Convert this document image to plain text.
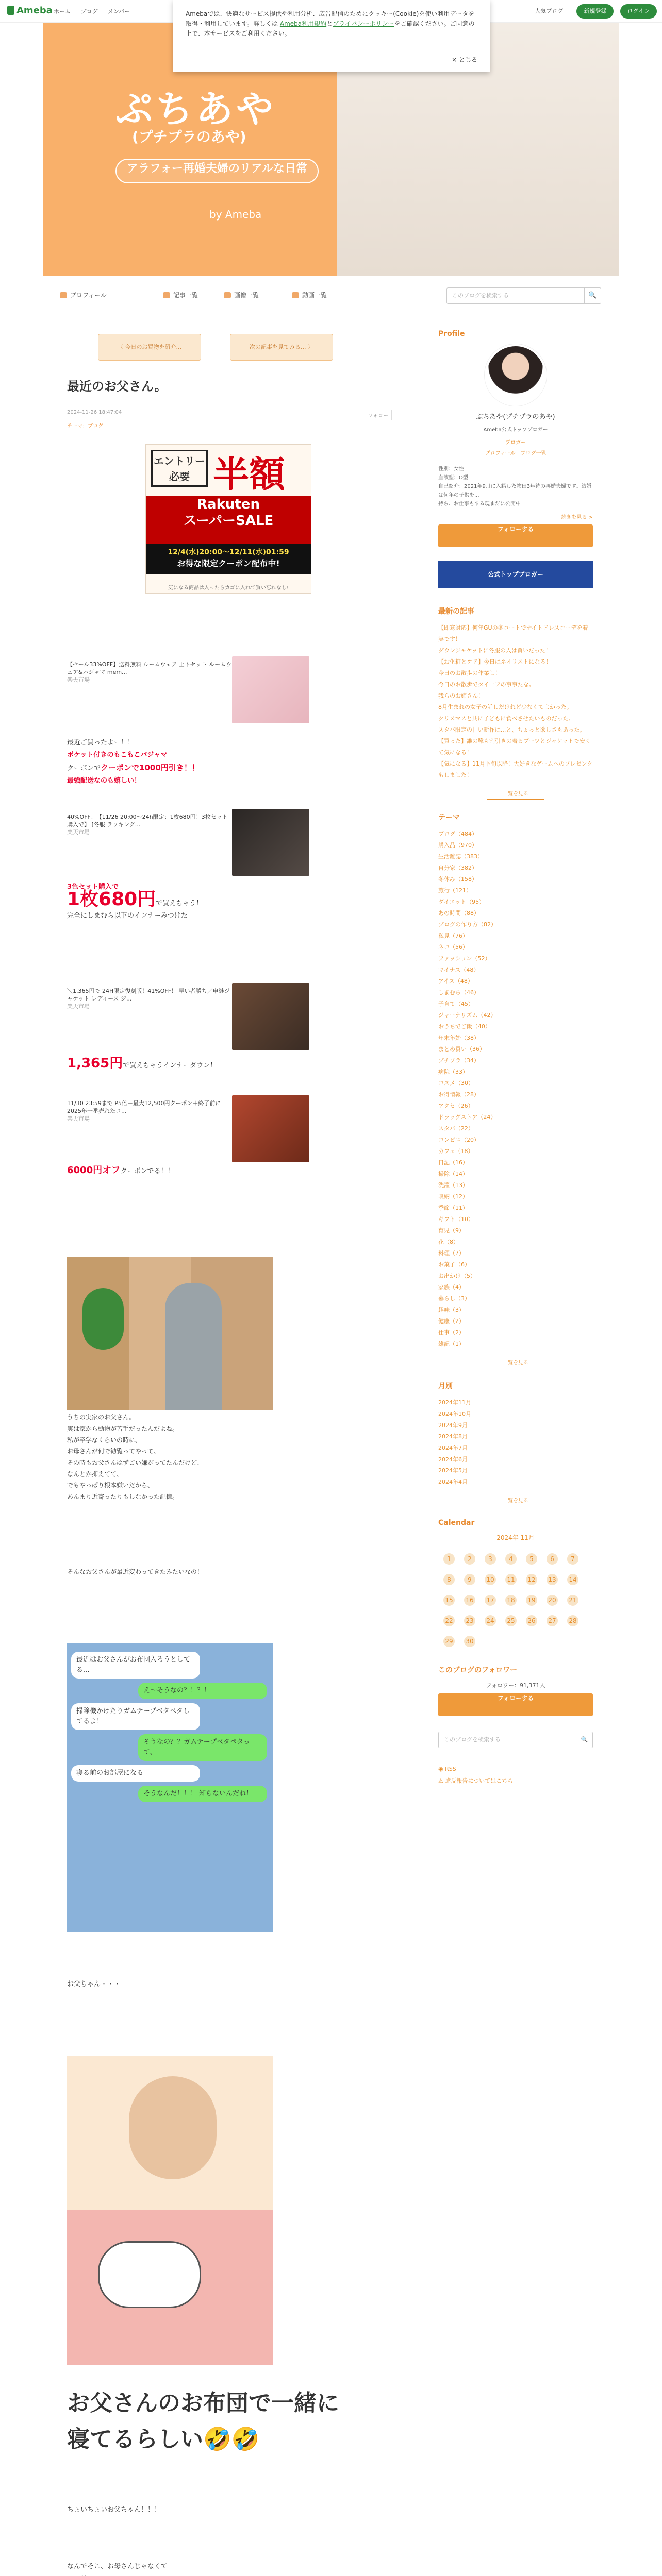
Ameba ホーム ブログ メンバー	人気ブログ	新規登録	ログイン
Amebaでは、快適なサービス提供や利用分析、広告配信のためにクッキー(Cookie)を使い利用データを取得・利用しています。詳しくは Ameba利用規約とプライバシーポリシーをご確認ください。ご同意の上で、本サービスをご利用ください。
× とじる
ぷちあや
(プチプラのあや)
アラフォー再婚夫婦のリアルな日常
by Ameba
プロフィール	記事一覧	画像一覧	動画一覧	このブログを検索する	🔍
〈 今日のお買物を紹介...	次の記事を見てみる... 〉
最近のお父さん。
2024-11-26 18:47:04
フォロー
テーマ：ブログ
エントリー必要 半額
Rakuten
スーパーSALE
12/4(水)20:00〜12/11(水)01:59
お得な限定クーポン配布中!
気になる商品は入ったらカゴに入れて買い忘れなし!
【セール33%OFF】送料無料 ルームウェア 上下セット ルームウェア&パジャマ mem...
楽天市場
最近ご買ったよー！！
ポケット付きのもこもこパジャマ
クーポンでクーポンで1000円引き！！
最強配送なのも嬉しい！
40%OFF！【11/26 20:00〜24h限定：1枚680円！3枚セット購入で】 [冬服 ラッキング...
楽天市場
3色セット購入で
1枚680円で買えちゃう！
完全にしまむら以下のインナーみつけた
＼1,365円で 24H限定復刻版！41%OFF！ 早い者勝ち／申継ジャケット レディース ジ...
楽天市場
1,365円で買えちゃうインナーダウン！
11/30 23:59まで P5倍＋最大12,500円クーポン＋終了前に 2025年一番売れたコ...
楽天市場
6000円オフクーポンでる！！

うちの実家のお父さん。

実は家から動物が苦手だったんだよね。

私が卒学なくらいの時に、

お母さんが何で勧覧ってやって、

その時もお父さんはずごい嫌がってたんだけど、

なんとか抑えてて、

でもやっぱり根本嫌いだから、

あんまり近寄ったりもしなかった記憶。

そんなお父さんが最近変わってきたみたいなの！

最近はお父さんがお布団入ろうとしてる...
え〜そうなの？！？！
掃除機かけたりガムテープべタペタしてるよ！
そうなの？？ガムテープべタペタって、
寝る前のお部屋になる
そうなんだ！！！ 知らないんだね！
お父ちゃん・・・
お父さんのお布団で一緒に寝てるらしい🤣🤣
ちょいちょいお父ちゃん！！！
なんでそこ、お母さんじゃなくて

Profile
ぷちあや(プチプラのあや)
Ameba公式トップブロガー
ブロガー
プロフィール　 ブログ一覧
性別：女性
血液型：O型
自己紹介：2021年9月に入籍した物田3年待の再婚夫婦です。結婚は何年の子供を...
持ち、お仕事もする現まだに公開中！
続きを見る >
フォローする
公式トップブロガー
最新の記事
【即寒対応】何年GUの冬コートでナイトドレスコーデを着実です！
ダウンジャケットに冬服の人は買いだった！
【お化粧とケア】今日はネイリストになる！
今日のお散歩の作業し！
今日のお散歩でタイ一フの事事たな。
我らのお姉さん！
8月生まれの女子の話しだけれど少なくてよかった。
クリスマスと共に子どもに食べさせたいものだった。
スタバ限定の甘い新作は...と、ちょっと欲しさもあった。
【買った】誰の靴も割引きの着るブーツとジャケットで安くて気になる！
【気になる】11月下旬以降！大好きなゲームへのプレゼンクもしました！
一覧を見る
テーマ
ブログ（484）
購入品（970）
生活雑誌（383）
自分家（382）
冬休み（158）
旅行（121）
ダイエット（95）
あの時間（88）
ブログの作り方（82）
私見（76）
ネコ（56）
ファッション（52）
マイナス（48）
アイス（48）
しまむら（46）
子育て（45）
ジャーナリズム（42）
おうちでご飯（40）
年末年始（38）
まとめ買い（36）
プチプラ（34）
病院（33）
コスメ（30）
お得情報（28）
アクセ（26）
ドラッグストア（24）
スタバ（22）
コンビニ（20）
カフェ（18）
日記（16）
掃除（14）
洗濯（13）
収納（12）
季節（11）
ギフト（10）
育児（9）
花（8）
料理（7）
お菓子（6）
お出かけ（5）
家族（4）
暮らし（3）
趣味（3）
健康（2）
仕事（2）
雑記（1）
一覧を見る
月別
2024年11月
2024年10月
2024年9月
2024年8月
2024年7月
2024年6月
2024年5月
2024年4月
一覧を見る
Calendar
2024年 11月
1	2	3	4	5	6	7
8	9	10	11	12	13	14
15	16	17	18	19	20	21
22	23	24	25	26	27	28
29	30					
このブログのフォロワー
フォロワー：91,371人
フォローする
このブログを検索する	🔍
◉ RSS
⚠ 違反報告についてはこちら
